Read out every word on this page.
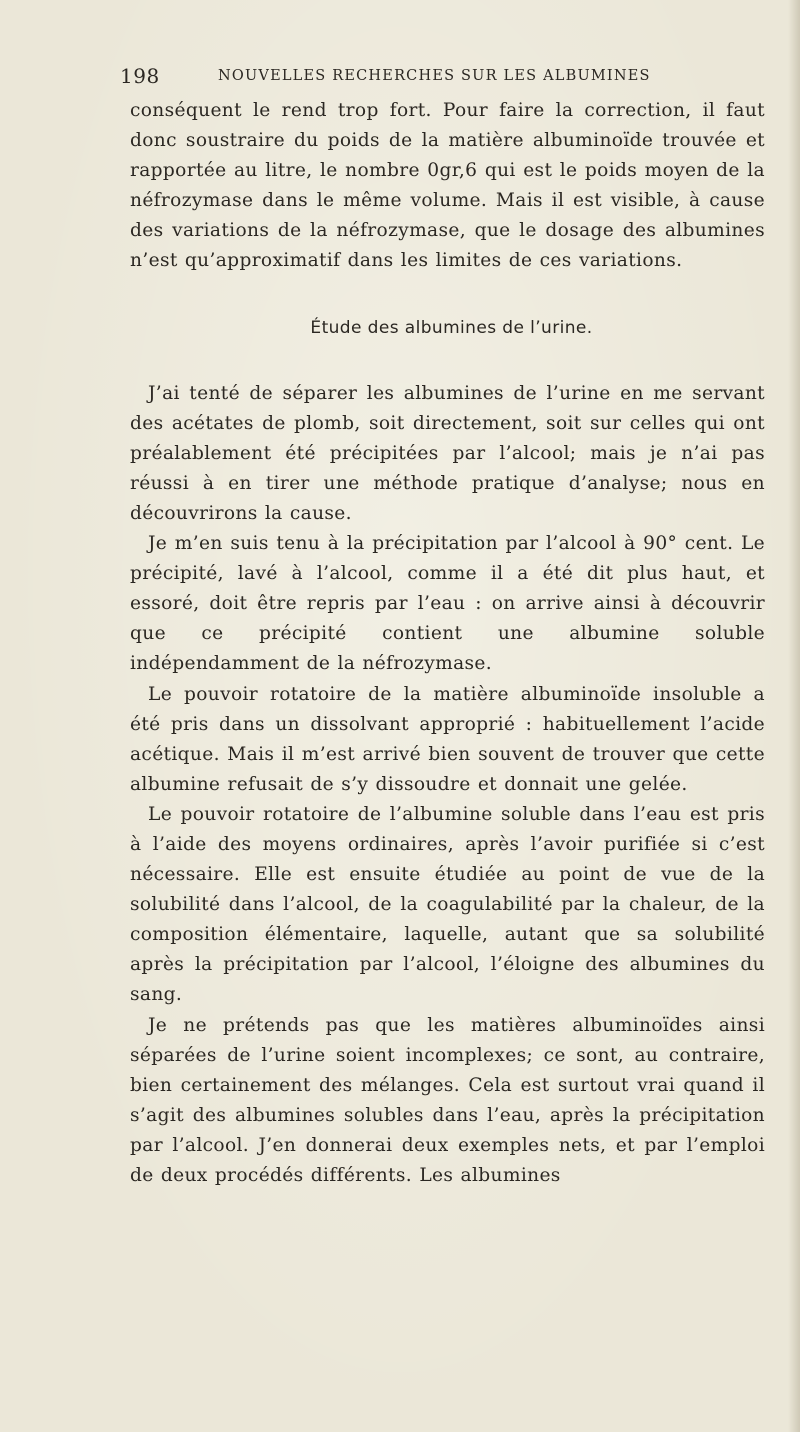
198	NOUVELLES RECHERCHES SUR LES ALBUMINES

conséquent le rend trop fort. Pour faire la correction, il faut donc soustraire du poids de la matière albuminoïde trouvée et rapportée au litre, le nombre 0gr,6 qui est le poids moyen de la néfrozymase dans le même volume. Mais il est visible, à cause des variations de la néfrozymase, que le dosage des albumines n’est qu’approximatif dans les limites de ces variations.

Étude des albumines de l’urine.

J’ai tenté de séparer les albumines de l’urine en me servant des acétates de plomb, soit directement, soit sur celles qui ont préalablement été précipitées par l’alcool; mais je n’ai pas réussi à en tirer une méthode pratique d’analyse; nous en découvrirons la cause.

Je m’en suis tenu à la précipitation par l’alcool à 90° cent. Le précipité, lavé à l’alcool, comme il a été dit plus haut, et essoré, doit être repris par l’eau : on arrive ainsi à découvrir que ce précipité contient une albumine soluble indépendamment de la néfrozymase.

Le pouvoir rotatoire de la matière albuminoïde insoluble a été pris dans un dissolvant approprié : habituellement l’acide acétique. Mais il m’est arrivé bien souvent de trouver que cette albumine refusait de s’y dissoudre et donnait une gelée.

Le pouvoir rotatoire de l’albumine soluble dans l’eau est pris à l’aide des moyens ordinaires, après l’avoir purifiée si c’est nécessaire. Elle est ensuite étudiée au point de vue de la solubilité dans l’alcool, de la coagulabilité par la chaleur, de la composition élémentaire, laquelle, autant que sa solubilité après la précipitation par l’alcool, l’éloigne des albumines du sang.

Je ne prétends pas que les matières albuminoïdes ainsi séparées de l’urine soient incomplexes; ce sont, au contraire, bien certainement des mélanges. Cela est surtout vrai quand il s’agit des albumines solubles dans l’eau, après la précipitation par l’alcool. J’en donnerai deux exemples nets, et par l’emploi de deux procédés différents. Les albumines
